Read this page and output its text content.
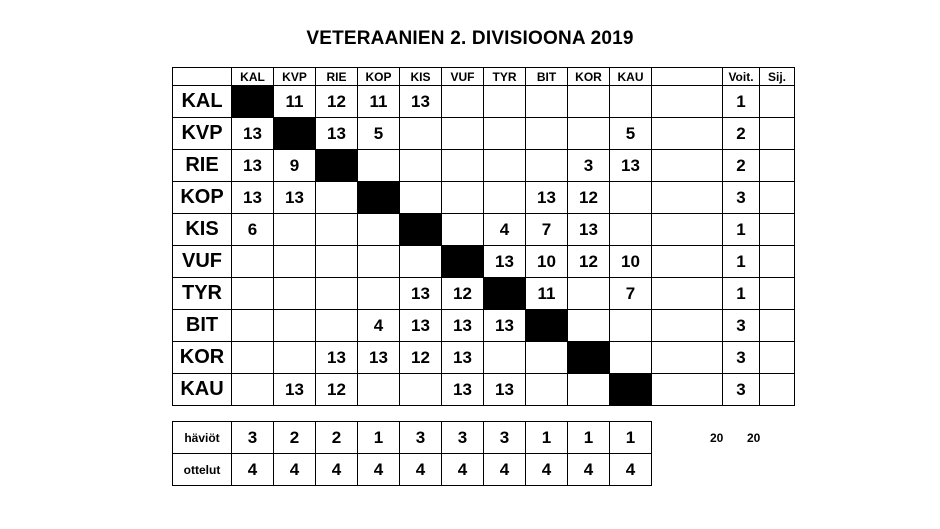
VETERAANIEN 2. DIVISIOONA 2019
	KAL	KVP	RIE	KOP	KIS	VUF	TYR	BIT	KOR	KAU		Voit.	Sij.
KAL		11	12	11	13							1	
KVP	13		13	5						5		2	
RIE	13	9							3	13		2	
KOP	13	13						13	12			3	
KIS	6						4	7	13			1	
VUF							13	10	12	10		1	
TYR					13	12		11		7		1	
BIT				4	13	13	13					3	
KOR			13	13	12	13						3	
KAU		13	12			13	13					3	
häviöt	3	2	2	1	3	3	3	1	1	1
ottelut	4	4	4	4	4	4	4	4	4	4
20 20
